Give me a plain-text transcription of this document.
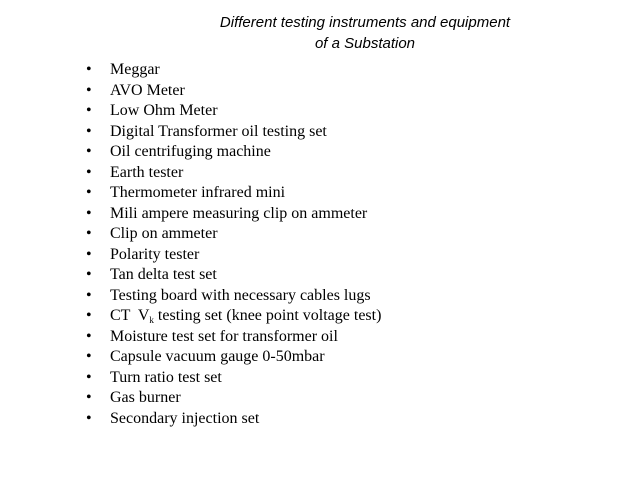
Different testing instruments and equipment
of a Substation
• Meggar
• AVO Meter
• Low Ohm Meter
• Digital Transformer oil testing set
• Oil centrifuging machine
• Earth tester
• Thermometer infrared mini
• Mili ampere measuring clip on ammeter
• Clip on ammeter
• Polarity tester
• Tan delta test set
• Testing board with necessary cables lugs
• CT  $V_k$ testing set (knee point voltage test)
• Moisture test set for transformer oil
• Capsule vacuum gauge 0-50mbar
• Turn ratio test set
• Gas burner
• Secondary injection set
